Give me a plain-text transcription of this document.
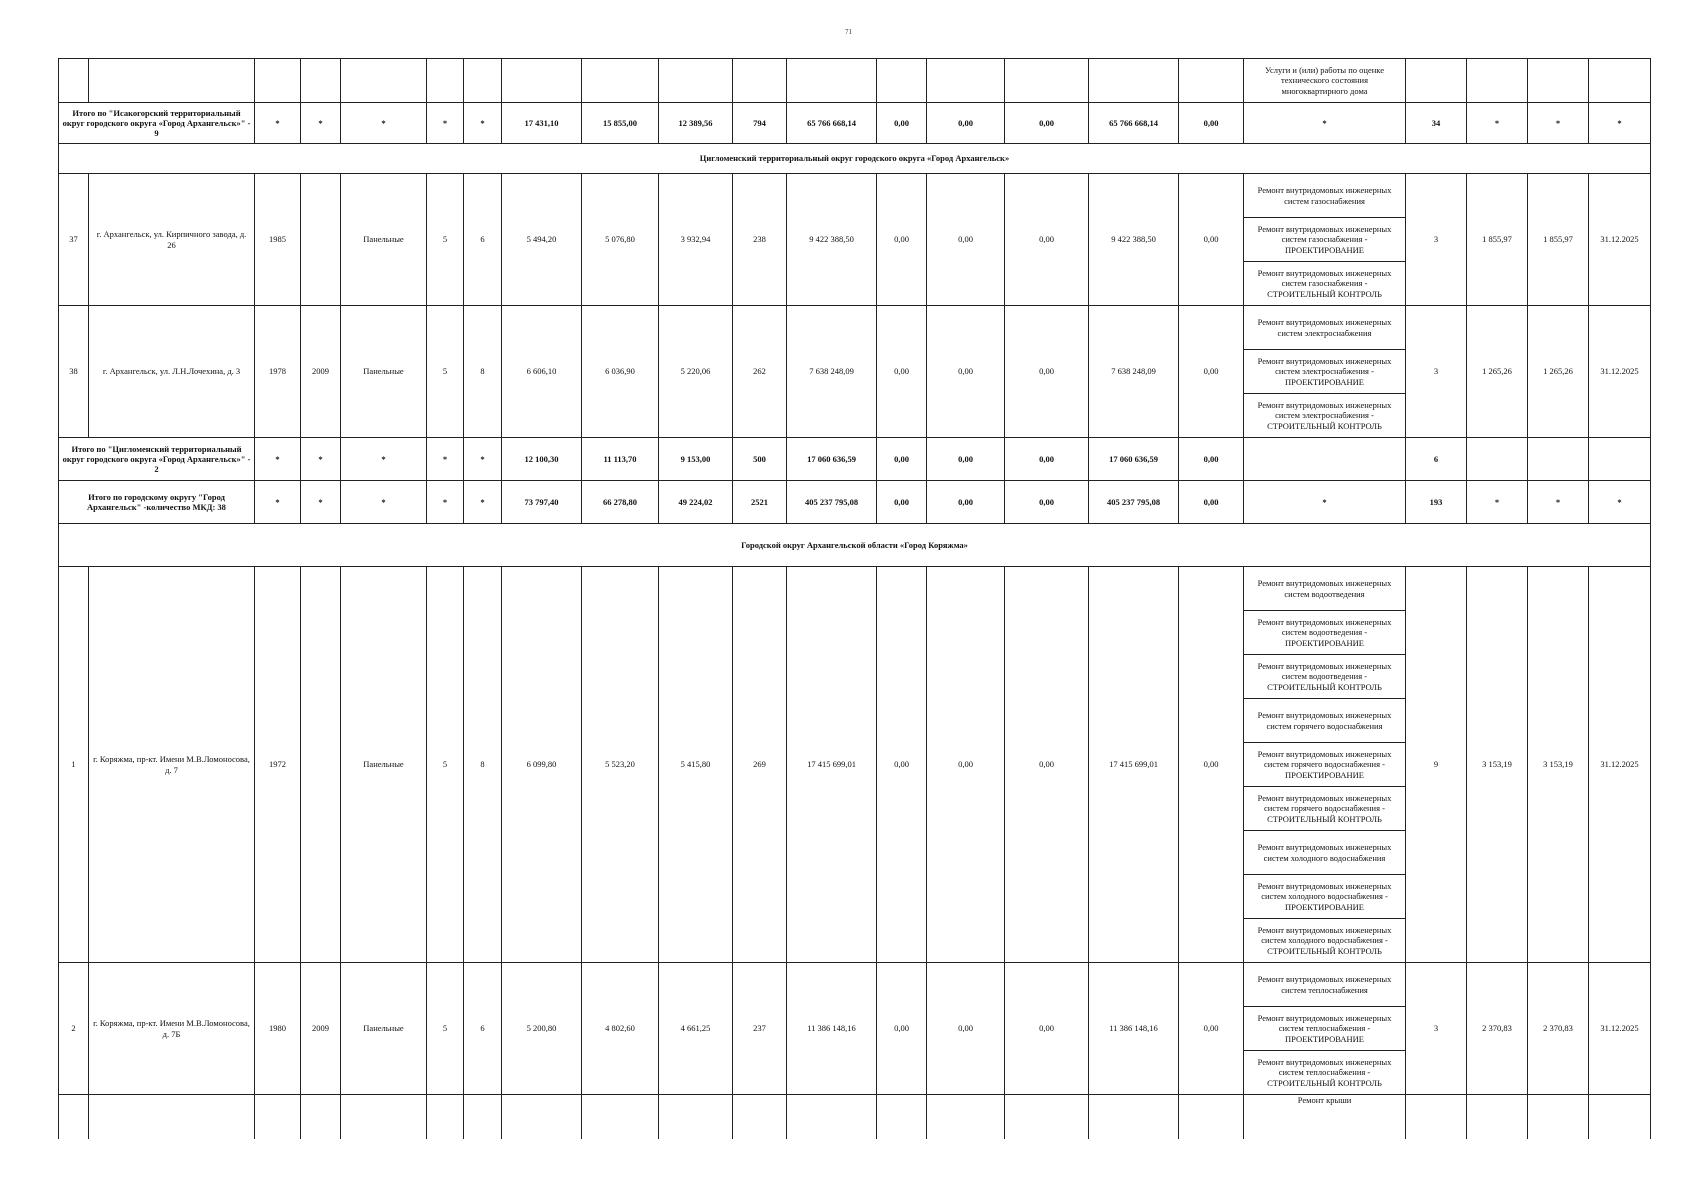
71
																	Услуги и (или) работы по оценке технического состояния многоквартирного дома				
Итого по "Исакогорский территориальный округ городского округа «Город Архангельск»" - 9		*	*	*	*	*	17 431,10	15 855,00	12 389,56	794	65 766 668,14	0,00	0,00	0,00	65 766 668,14	0,00	*	34	*	*	*
Цигломенский территориальный округ городского округа «Город Архангельск»																					
37	г. Архангельск, ул. Кирпичного завода, д. 26	1985		Панельные	5	6	5 494,20	5 076,80	3 932,94	238	9 422 388,50	0,00	0,00	0,00	9 422 388,50	0,00	Ремонт внутридомовых инженерных систем газоснабжения	3	1 855,97	1 855,97	31.12.2025
																	Ремонт внутридомовых инженерных систем газоснабжения - ПРОЕКТИРОВАНИЕ				
																	Ремонт внутридомовых инженерных систем газоснабжения - СТРОИТЕЛЬНЫЙ КОНТРОЛЬ				
38	г. Архангельск, ул. Л.Н.Лочехина, д. 3	1978	2009	Панельные	5	8	6 606,10	6 036,90	5 220,06	262	7 638 248,09	0,00	0,00	0,00	7 638 248,09	0,00	Ремонт внутридомовых инженерных систем электроснабжения	3	1 265,26	1 265,26	31.12.2025
																	Ремонт внутридомовых инженерных систем электроснабжения - ПРОЕКТИРОВАНИЕ				
																	Ремонт внутридомовых инженерных систем электроснабжения - СТРОИТЕЛЬНЫЙ КОНТРОЛЬ				
Итого по "Цигломенский территориальный округ городского округа «Город Архангельск»" - 2		*	*	*	*	*	12 100,30	11 113,70	9 153,00	500	17 060 636,59	0,00	0,00	0,00	17 060 636,59	0,00		6			
Итого по городскому округу "Город Архангельск" -количество МКД: 38		*	*	*	*	*	73 797,40	66 278,80	49 224,02	2521	405 237 795,08	0,00	0,00	0,00	405 237 795,08	0,00	*	193	*	*	*
Городской округ Архангельской области «Город Коряжма»																					
1	г. Коряжма, пр-кт. Имени М.В.Ломоносова, д. 7	1972		Панельные	5	8	6 099,80	5 523,20	5 415,80	269	17 415 699,01	0,00	0,00	0,00	17 415 699,01	0,00	Ремонт внутридомовых инженерных систем водоотведения	9	3 153,19	3 153,19	31.12.2025
																	Ремонт внутридомовых инженерных систем водоотведения - ПРОЕКТИРОВАНИЕ				
																	Ремонт внутридомовых инженерных систем водоотведения - СТРОИТЕЛЬНЫЙ КОНТРОЛЬ				
																	Ремонт внутридомовых инженерных систем горячего водоснабжения				
																	Ремонт внутридомовых инженерных систем горячего водоснабжения - ПРОЕКТИРОВАНИЕ				
																	Ремонт внутридомовых инженерных систем горячего водоснабжения - СТРОИТЕЛЬНЫЙ КОНТРОЛЬ				
																	Ремонт внутридомовых инженерных систем холодного водоснабжения				
																	Ремонт внутридомовых инженерных систем холодного водоснабжения - ПРОЕКТИРОВАНИЕ				
																	Ремонт внутридомовых инженерных систем холодного водоснабжения - СТРОИТЕЛЬНЫЙ КОНТРОЛЬ				
2	г. Коряжма, пр-кт. Имени М.В.Ломоносова, д. 7Б	1980	2009	Панельные	5	6	5 200,80	4 802,60	4 661,25	237	11 386 148,16	0,00	0,00	0,00	11 386 148,16	0,00	Ремонт внутридомовых инженерных систем теплоснабжения	3	2 370,83	2 370,83	31.12.2025
																	Ремонт внутридомовых инженерных систем теплоснабжения - ПРОЕКТИРОВАНИЕ				
																	Ремонт внутридомовых инженерных систем теплоснабжения - СТРОИТЕЛЬНЫЙ КОНТРОЛЬ				
																	Ремонт крыши				
